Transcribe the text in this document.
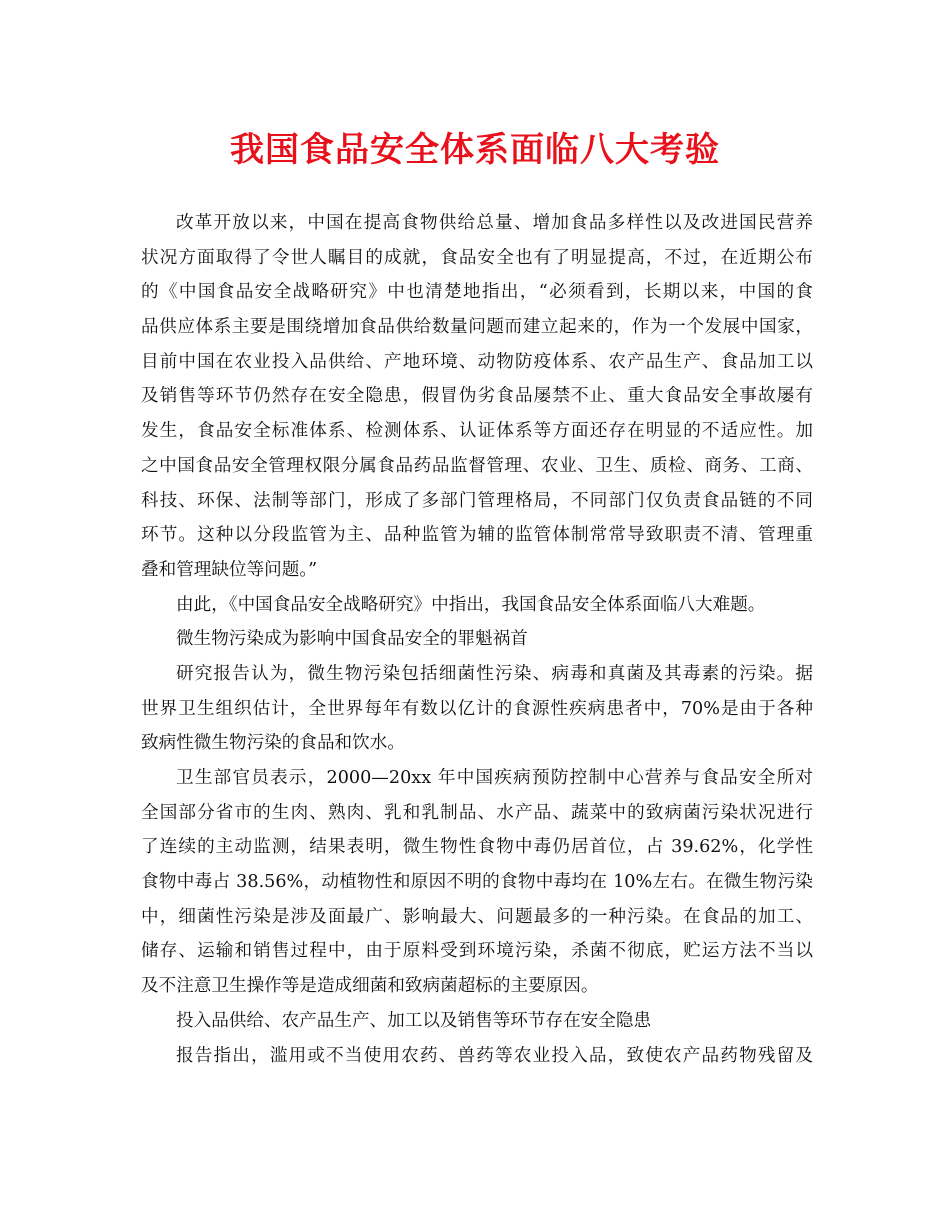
我国食品安全体系面临八大考验
改革开放以来，中国在提高食物供给总量、增加食品多样性以及改进国民营养
状况方面取得了令世人瞩目的成就，食品安全也有了明显提高，不过，在近期公布
的《中国食品安全战略研究》中也清楚地指出，“必须看到，长期以来，中国的食
品供应体系主要是围绕增加食品供给数量问题而建立起来的，作为一个发展中国家，
目前中国在农业投入品供给、产地环境、动物防疫体系、农产品生产、食品加工以
及销售等环节仍然存在安全隐患，假冒伪劣食品屡禁不止、重大食品安全事故屡有
发生，食品安全标准体系、检测体系、认证体系等方面还存在明显的不适应性。加
之中国食品安全管理权限分属食品药品监督管理、农业、卫生、质检、商务、工商、
科技、环保、法制等部门，形成了多部门管理格局，不同部门仅负责食品链的不同
环节。这种以分段监管为主、品种监管为辅的监管体制常常导致职责不清、管理重
叠和管理缺位等问题。”
由此，《中国食品安全战略研究》中指出，我国食品安全体系面临八大难题。
微生物污染成为影响中国食品安全的罪魁祸首
研究报告认为，微生物污染包括细菌性污染、病毒和真菌及其毒素的污染。据
世界卫生组织估计，全世界每年有数以亿计的食源性疾病患者中，70%是由于各种
致病性微生物污染的食品和饮水。
卫生部官员表示，2000—20xx 年中国疾病预防控制中心营养与食品安全所对
全国部分省市的生肉、熟肉、乳和乳制品、水产品、蔬菜中的致病菌污染状况进行
了连续的主动监测，结果表明，微生物性食物中毒仍居首位，占 39.62%，化学性
食物中毒占 38.56%，动植物性和原因不明的食物中毒均在 10%左右。在微生物污染
中，细菌性污染是涉及面最广、影响最大、问题最多的一种污染。在食品的加工、
储存、运输和销售过程中，由于原料受到环境污染，杀菌不彻底，贮运方法不当以
及不注意卫生操作等是造成细菌和致病菌超标的主要原因。
投入品供给、农产品生产、加工以及销售等环节存在安全隐患
报告指出，滥用或不当使用农药、兽药等农业投入品，致使农产品药物残留及
